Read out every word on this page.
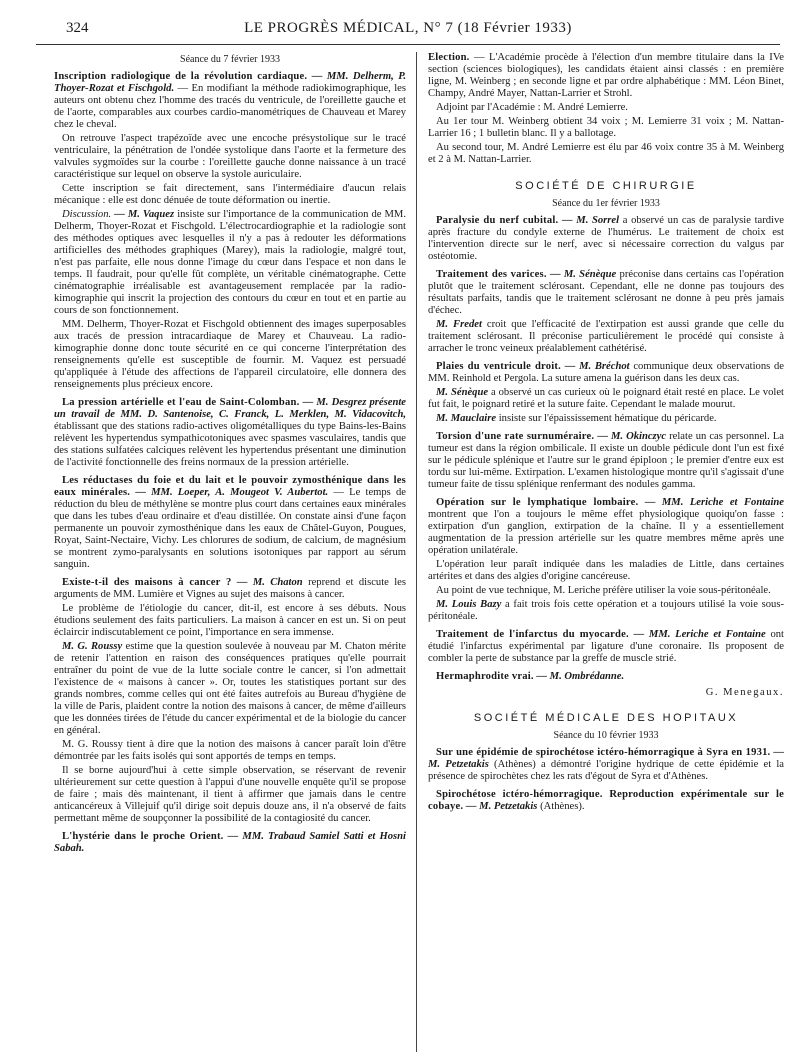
324	LE PROGRÈS MÉDICAL, N° 7 (18 Février 1933)
Séance du 7 février 1933

Inscription radiologique de la révolution cardiaque. — MM. Delherm, P. Thoyer-Rozat et Fischgold. — En modifiant la méthode radiokimographique, les auteurs ont obtenu chez l'homme des tracés du ventricule, de l'oreillette gauche et de l'aorte, comparables aux courbes cardio-manométriques de Chauveau et Marey chez le cheval.

On retrouve l'aspect trapézoïde avec une encoche présystolique sur le tracé ventriculaire, la pénétration de l'ondée systolique dans l'aorte et la fermeture des valvules sygmoïdes sur la courbe : l'oreillette gauche donne naissance à un tracé caractéristique sur lequel on observe la systole auriculaire.

Cette inscription se fait directement, sans l'intermédiaire d'aucun relais mécanique : elle est donc dénuée de toute déformation ou inertie.

Discussion. — M. Vaquez insiste sur l'importance de la communication de MM. Delherm, Thoyer-Rozat et Fischgold. L'électrocardiographie et la radiologie sont des méthodes optiques avec lesquelles il n'y a pas à redouter les déformations artificielles des méthodes graphiques (Marey), mais la radiologie, malgré tout, n'est pas parfaite, elle nous donne l'image du cœur dans l'espace et non dans le temps. Il faudrait, pour qu'elle fût complète, un véritable cinématographe. Cette cinématographie irréalisable est avantageusement remplacée par la radio-kimographie qui inscrit la projection des contours du cœur en tout et en partie au cours de son fonctionnement.

MM. Delherm, Thoyer-Rozat et Fischgold obtiennent des images superposables aux tracés de pression intracardiaque de Marey et Chauveau. La radio-kimographie donne donc toute sécurité en ce qui concerne l'interprétation des renseignements qu'elle est susceptible de fournir. M. Vaquez est persuadé qu'appliquée à l'étude des affections de l'appareil circulatoire, elle donnera des renseignements plus précieux encore.

La pression artérielle et l'eau de Saint-Colomban. — M. Desgrez présente un travail de MM. D. Santenoise, C. Franck, L. Merklen, M. Vidacovitch, établissant que des stations radio-actives oligométalliques du type Bains-les-Bains relèvent les hypertendus sympathicotoniques avec spasmes vasculaires, tandis que des stations sulfatées calciques relèvent les hypertendus présentant une diminution de l'activité fonctionnelle des freins normaux de la pression artérielle.

Les réductases du foie et du lait et le pouvoir zymosthénique dans les eaux minérales. — MM. Loeper, A. Mougeot V. Aubertot. — Le temps de réduction du bleu de méthylène se montre plus court dans certaines eaux minérales que dans les tubes d'eau ordinaire et d'eau distillée. On constate ainsi d'une façon permanente un pouvoir zymosthénique dans les eaux de Châtel-Guyon, Pougues, Royat, Saint-Nectaire, Vichy. Les chlorures de sodium, de calcium, de magnésium se montrent zymo-paralysants en solutions isotoniques par rapport au sérum sanguin.

Existe-t-il des maisons à cancer ? — M. Chaton reprend et discute les arguments de MM. Lumière et Vignes au sujet des maisons à cancer.

Le problème de l'étiologie du cancer, dit-il, est encore à ses débuts. Nous étudions seulement des faits particuliers. La maison à cancer en est un. Si on peut éclaircir indiscutablement ce point, l'importance en sera immense.

M. G. Roussy estime que la question soulevée à nouveau par M. Chaton mérite de retenir l'attention en raison des conséquences pratiques qu'elle pourrait entraîner du point de vue de la lutte sociale contre le cancer, si l'on admettait l'existence de « maisons à cancer ». Or, toutes les statistiques portant sur des grands nombres, comme celles qui ont été faites autrefois au Bureau d'hygiène de la ville de Paris, plaident contre la notion des maisons à cancer, de même d'ailleurs que les données tirées de l'étude du cancer expérimental et de la biologie du cancer en général.

M. G. Roussy tient à dire que la notion des maisons à cancer paraît loin d'être démontrée par les faits isolés qui sont apportés de temps en temps.

Il se borne aujourd'hui à cette simple observation, se réservant de revenir ultérieurement sur cette question à l'appui d'une nouvelle enquête qu'il se propose de faire ; mais dès maintenant, il tient à affirmer que jamais dans le centre anticancéreux à Villejuif qu'il dirige soit depuis douze ans, il n'a observé de faits permettant même de soupçonner la possibilité de la contagiosité du cancer.

L'hystérie dans le proche Orient. — MM. Trabaud Samiel Satti et Hosni Sabah.

Election. — L'Académie procède à l'élection d'un membre titulaire dans la IVe section (sciences biologiques), les candidats étaient ainsi classés : en première ligne, M. Weinberg ; en seconde ligne et par ordre alphabétique : MM. Léon Binet, Champy, André Mayer, Nattan-Larrier et Strohl.

Adjoint par l'Académie : M. André Lemierre.

Au 1er tour M. Weinberg obtient 34 voix ; M. Lemierre 31 voix ; M. Nattan-Larrier 16 ; 1 bulletin blanc. Il y a ballotage.

Au second tour, M. André Lemierre est élu par 46 voix contre 35 à M. Weinberg et 2 à M. Nattan-Larrier.

SOCIÉTÉ DE CHIRURGIE
Séance du 1er février 1933

Paralysie du nerf cubital. — M. Sorrel a observé un cas de paralysie tardive après fracture du condyle externe de l'humérus. Le traitement de choix est l'intervention directe sur le nerf, avec si nécessaire correction du valgus par ostéotomie.

Traitement des varices. — M. Sénèque préconise dans certains cas l'opération plutôt que le traitement sclérosant. Cependant, elle ne donne pas toujours des résultats parfaits, tandis que le traitement sclérosant ne donne à peu près jamais d'échec.

M. Fredet croit que l'efficacité de l'extirpation est aussi grande que celle du traitement sclérosant. Il préconise particulièrement le procédé qui consiste à arracher le tronc veineux préalablement cathétérisé.

Plaies du ventricule droit. — M. Bréchot communique deux observations de MM. Reinhold et Pergola. La suture amena la guérison dans les deux cas.

M. Sénèque a observé un cas curieux où le poignard était resté en place. Le volet fut fait, le poignard retiré et la suture faite. Cependant le malade mourut.

M. Mauclaire insiste sur l'épaississement hématique du péricarde.

Torsion d'une rate surnuméraire. — M. Okinczyc relate un cas personnel. La tumeur est dans la région ombilicale. Il existe un double pédicule dont l'un est fixé sur le pédicule splénique et l'autre sur le grand épiploon ; le premier d'entre eux est tordu sur lui-même. Extirpation. L'examen histologique montre qu'il s'agissait d'une tumeur faite de tissu splénique renfermant des nodules gamma.

Opération sur le lymphatique lombaire. — MM. Leriche et Fontaine montrent que l'on a toujours le même effet physiologique quoiqu'on fasse : extirpation d'un ganglion, extirpation de la chaîne. Il y a essentiellement augmentation de la pression artérielle sur les quatre membres même après une opération unilatérale.

L'opération leur paraît indiquée dans les maladies de Little, dans certaines artérites et dans des algies d'origine cancéreuse.

Au point de vue technique, M. Leriche préfère utiliser la voie sous-péritonéale.

M. Louis Bazy a fait trois fois cette opération et a toujours utilisé la voie sous-péritonéale.

Traitement de l'infarctus du myocarde. — MM. Leriche et Fontaine ont étudié l'infarctus expérimental par ligature d'une coronaire. Ils proposent de combler la perte de substance par la greffe de muscle strié.

Hermaphrodite vrai. — M. Ombrédanne.

G. Menegaux.
SOCIÉTÉ MÉDICALE DES HOPITAUX
Séance du 10 février 1933

Sur une épidémie de spirochétose ictéro-hémorragique à Syra en 1931. — M. Petzetakis (Athènes) a démontré l'origine hydrique de cette épidémie et la présence de spirochètes chez les rats d'égout de Syra et d'Athènes.

Spirochétose ictéro-hémorragique. Reproduction expérimentale sur le cobaye. — M. Petzetakis (Athènes).
